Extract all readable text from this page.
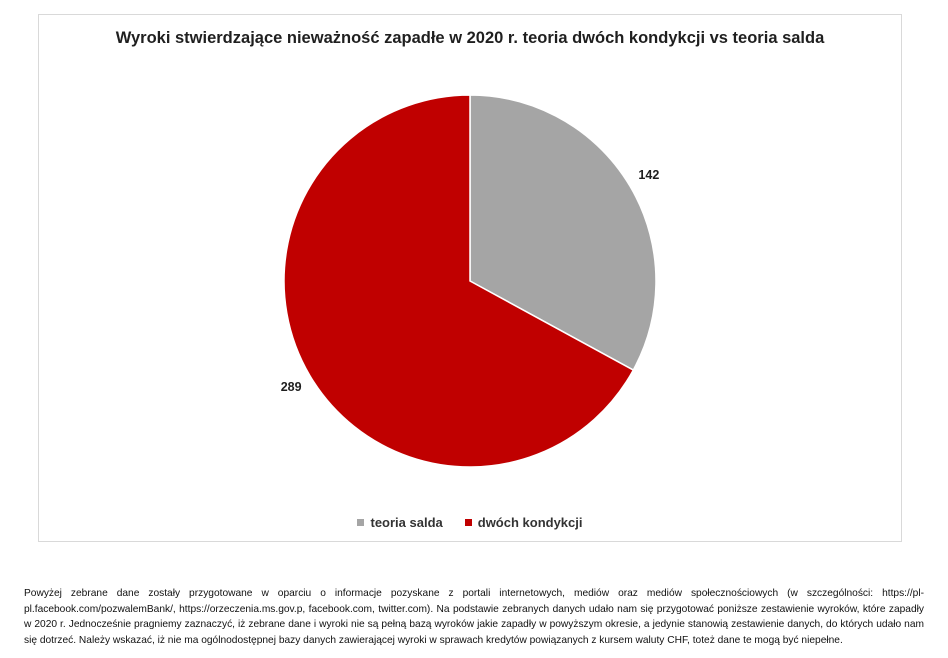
Wyroki stwierdzające nieważność zapadłe w 2020 r. teoria dwóch kondykcji vs teoria salda
142
289
teoria salda	dwóch kondykcji
Powyżej zebrane dane zostały przygotowane w oparciu o informacje pozyskane z portali internetowych, mediów oraz mediów społecznościowych (w szczególności: https://pl-pl.facebook.com/pozwalemBank/, https://orzeczenia.ms.gov.p, facebook.com, twitter.com). Na podstawie zebranych danych udało nam się przygotować poniższe zestawienie wyroków, które zapadły w 2020 r. Jednocześnie pragniemy zaznaczyć, iż zebrane dane i wyroki nie są pełną bazą wyroków jakie zapadły w powyższym okresie, a jedynie stanowią zestawienie danych, do których udało nam się dotrzeć. Należy wskazać, iż nie ma ogólnodostępnej bazy danych zawierającej wyroki w sprawach kredytów powiązanych z kursem waluty CHF, toteż dane te mogą być niepełne.
